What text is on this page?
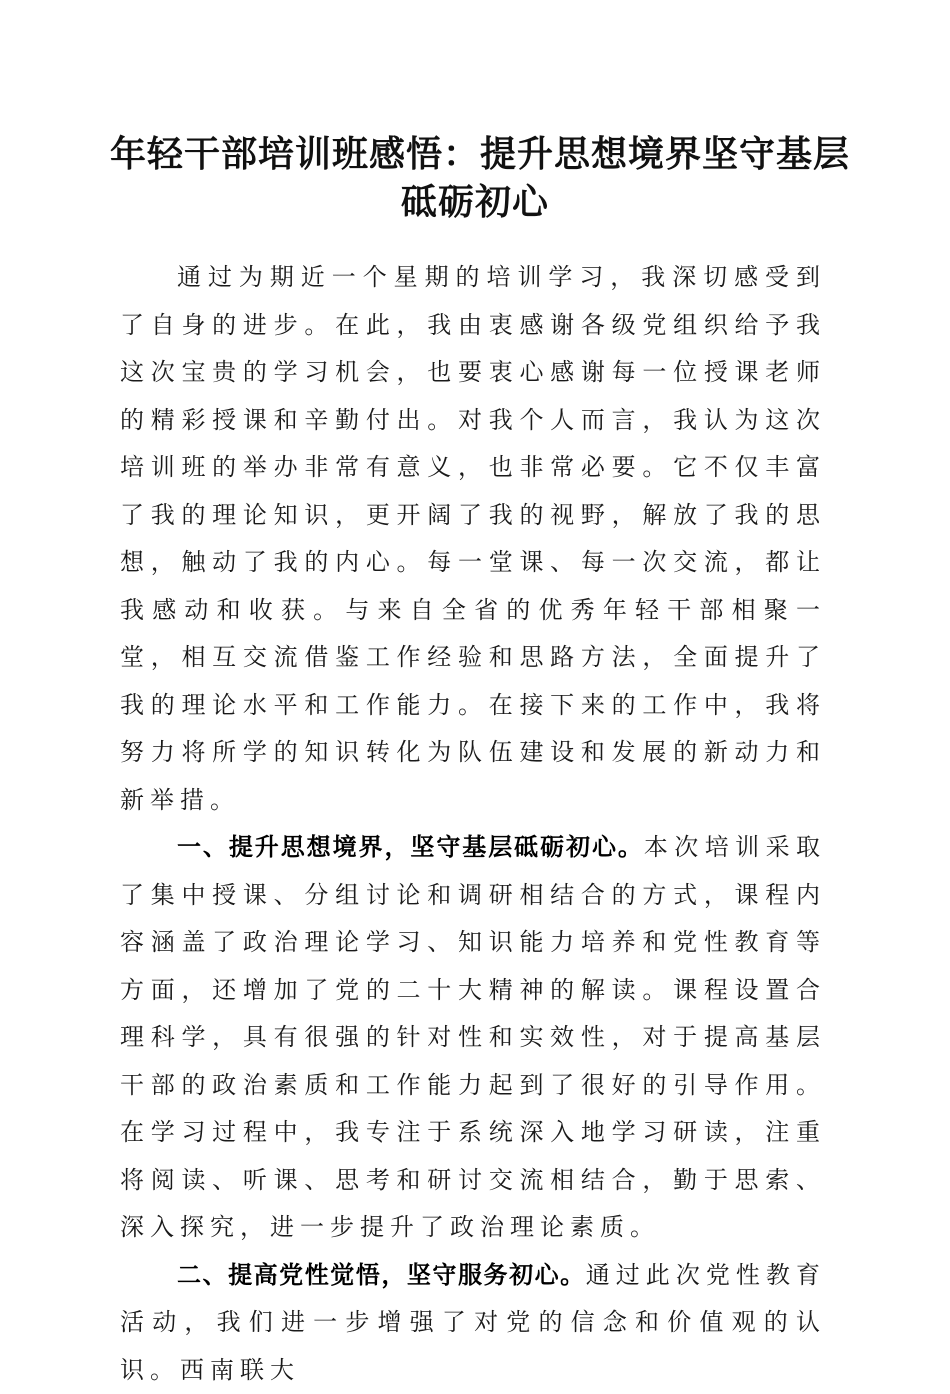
年轻干部培训班感悟：提升思想境界坚守基层
砥砺初心

通过为期近一个星期的培训学习，我深切感受到了自身的进步。在此，我由衷感谢各级党组织给予我这次宝贵的学习机会，也要衷心感谢每一位授课老师的精彩授课和辛勤付出。对我个人而言，我认为这次培训班的举办非常有意义，也非常必要。它不仅丰富了我的理论知识，更开阔了我的视野，解放了我的思想，触动了我的内心。每一堂课、每一次交流，都让我感动和收获。与来自全省的优秀年轻干部相聚一堂，相互交流借鉴工作经验和思路方法，全面提升了我的理论水平和工作能力。在接下来的工作中，我将努力将所学的知识转化为队伍建设和发展的新动力和新举措。

一、提升思想境界，坚守基层砥砺初心。本次培训采取了集中授课、分组讨论和调研相结合的方式，课程内容涵盖了政治理论学习、知识能力培养和党性教育等方面，还增加了党的二十大精神的解读。课程设置合理科学，具有很强的针对性和实效性，对于提高基层干部的政治素质和工作能力起到了很好的引导作用。在学习过程中，我专注于系统深入地学习研读，注重将阅读、听课、思考和研讨交流相结合，勤于思索、深入探究，进一步提升了政治理论素质。

二、提高党性觉悟，坚守服务初心。通过此次党性教育活动，我们进一步增强了对党的信念和价值观的认识。西南联大
